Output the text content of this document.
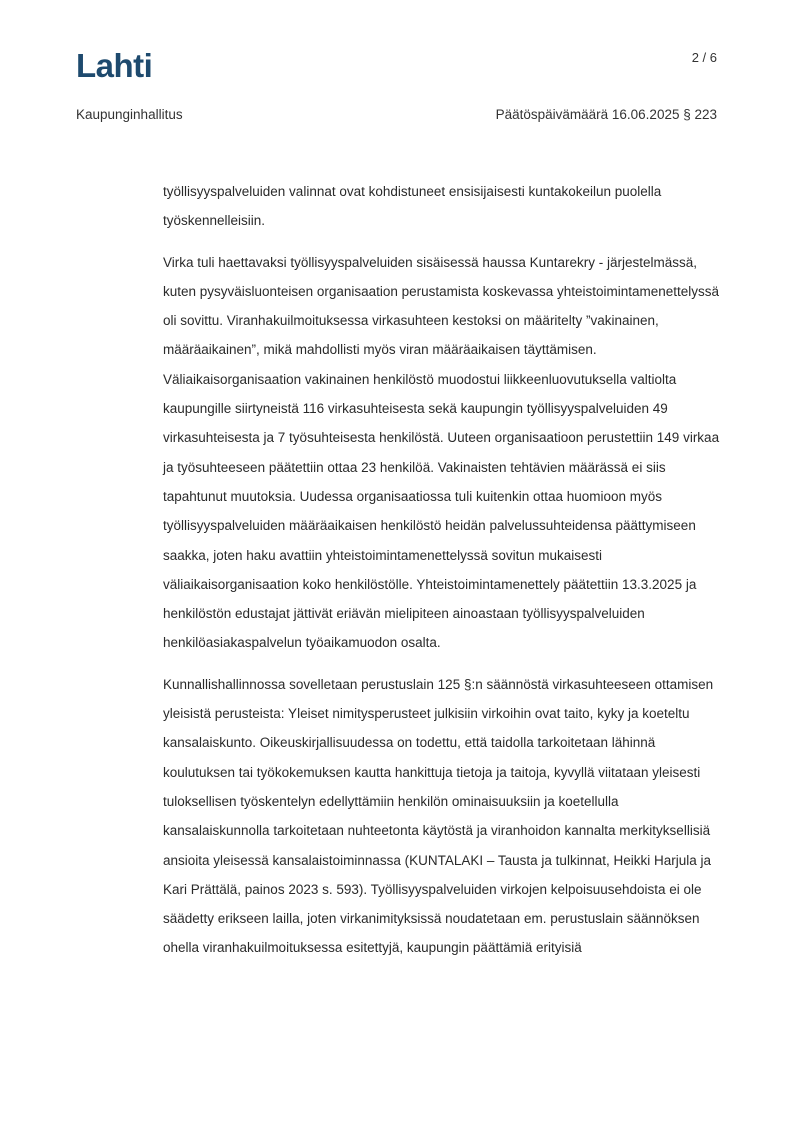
Lahti	2 / 6
Kaupunginhallitus	Päätöspäivämäärä 16.06.2025 § 223

työllisyyspalveluiden valinnat ovat kohdistuneet ensisijaisesti kuntakokeilun puolella työskennelleisiin.

Virka tuli haettavaksi työllisyyspalveluiden sisäisessä haussa Kuntarekry - järjestelmässä, kuten pysyväisluonteisen organisaation perustamista koskevassa yhteistoimintamenettelyssä oli sovittu. Viranhakuilmoituksessa virkasuhteen kestoksi on määritelty ”vakinainen, määräaikainen”, mikä mahdollisti myös viran määräaikaisen täyttämisen. Väliaikaisorganisaation vakinainen henkilöstö muodostui liikkeenluovutuksella valtiolta kaupungille siirtyneistä 116 virkasuhteisesta sekä kaupungin työllisyyspalveluiden 49 virkasuhteisesta ja 7 työsuhteisesta henkilöstä. Uuteen organisaatioon perustettiin 149 virkaa ja työsuhteeseen päätettiin ottaa 23 henkilöä. Vakinaisten tehtävien määrässä ei siis tapahtunut muutoksia. Uudessa organisaatiossa tuli kuitenkin ottaa huomioon myös työllisyyspalveluiden määräaikaisen henkilöstö heidän palvelussuhteidensa päättymiseen saakka, joten haku avattiin yhteistoimintamenettelyssä sovitun mukaisesti väliaikaisorganisaation koko henkilöstölle. Yhteistoimintamenettely päätettiin 13.3.2025 ja henkilöstön edustajat jättivät eriävän mielipiteen ainoastaan työllisyyspalveluiden henkilöasiakaspalvelun työaikamuodon osalta.

Kunnallishallinnossa sovelletaan perustuslain 125 §:n säännöstä virkasuhteeseen ottamisen yleisistä perusteista: Yleiset nimitysperusteet julkisiin virkoihin ovat taito, kyky ja koeteltu kansalaiskunto. Oikeuskirjallisuudessa on todettu, että taidolla tarkoitetaan lähinnä koulutuksen tai työkokemuksen kautta hankittuja tietoja ja taitoja, kyvyllä viitataan yleisesti tuloksellisen työskentelyn edellyttämiin henkilön ominaisuuksiin ja koetellulla kansalaiskunnolla tarkoitetaan nuhteetonta käytöstä ja viranhoidon kannalta merkityksellisiä ansioita yleisessä kansalaistoiminnassa (KUNTALAKI – Tausta ja tulkinnat, Heikki Harjula ja Kari Prättälä, painos 2023 s. 593). Työllisyyspalveluiden virkojen kelpoisuusehdoista ei ole säädetty erikseen lailla, joten virkanimityksissä noudatetaan em. perustuslain säännöksen ohella viranhakuilmoituksessa esitettyjä, kaupungin päättämiä erityisiä
